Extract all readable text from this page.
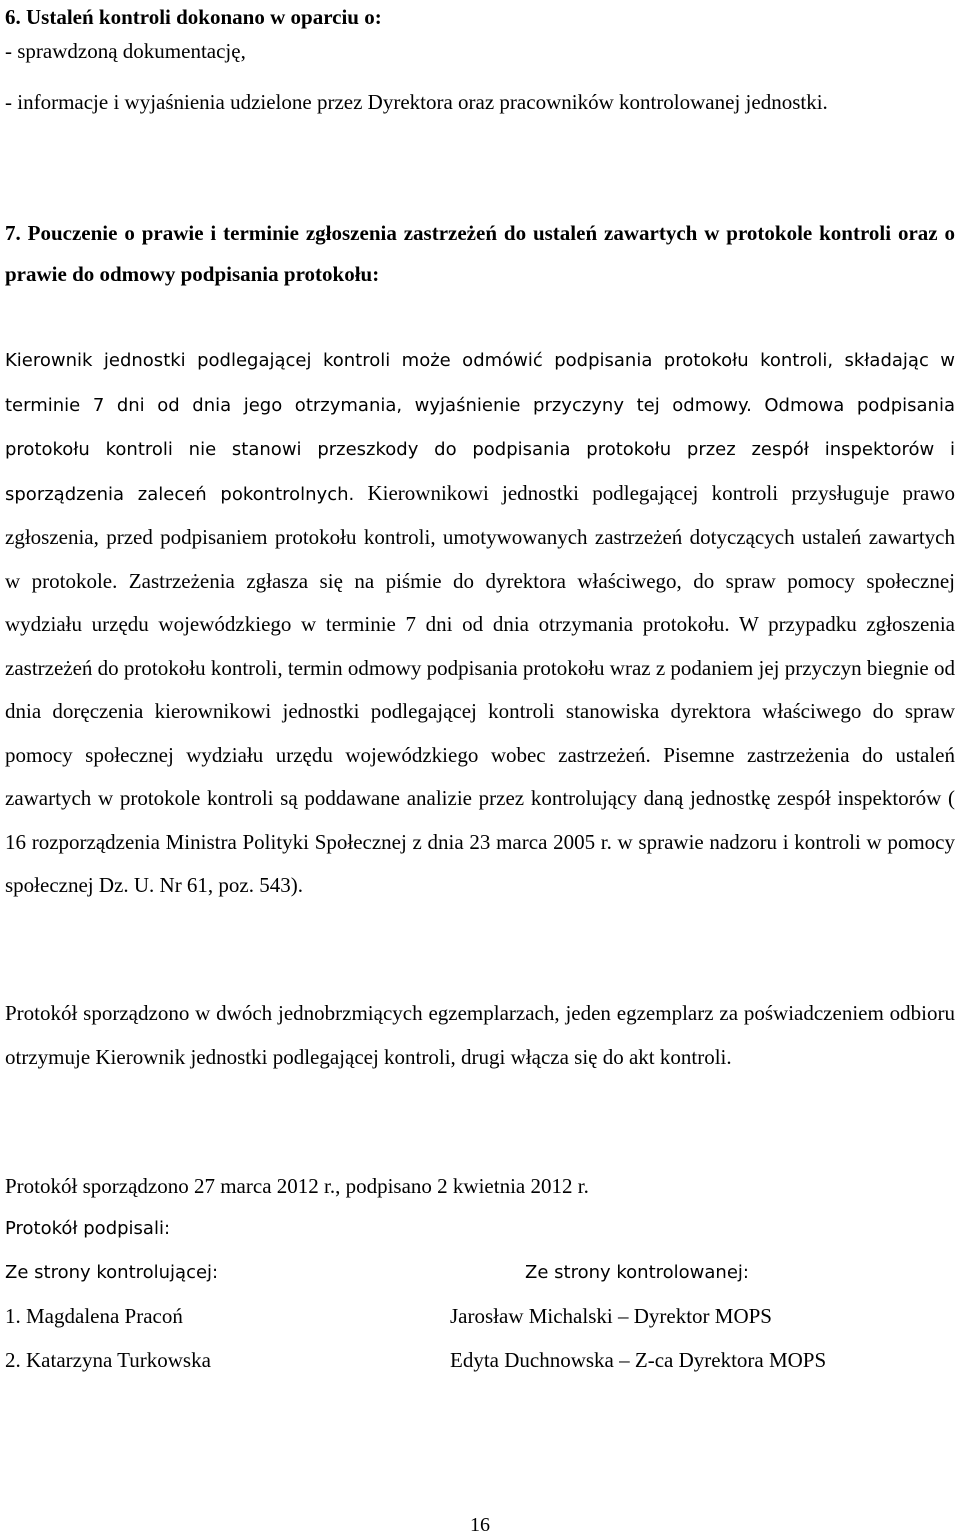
6. Ustaleń kontroli dokonano w oparciu o:

- sprawdzoną dokumentację,

- informacje i wyjaśnienia udzielone przez Dyrektora oraz pracowników kontrolowanej jednostki.

7. Pouczenie o prawie i terminie zgłoszenia zastrzeżeń do ustaleń zawartych w protokole kontroli oraz o prawie do odmowy podpisania protokołu:

Kierownik jednostki podlegającej kontroli może odmówić podpisania protokołu kontroli, składając w terminie 7 dni od dnia jego otrzymania, wyjaśnienie przyczyny tej odmowy. Odmowa podpisania protokołu kontroli nie stanowi przeszkody do podpisania protokołu przez zespół inspektorów i sporządzenia zaleceń pokontrolnych. Kierownikowi jednostki podlegającej kontroli przysługuje prawo zgłoszenia, przed podpisaniem protokołu kontroli, umotywowanych zastrzeżeń dotyczących ustaleń zawartych w protokole. Zastrzeżenia zgłasza się na piśmie do dyrektora właściwego, do spraw pomocy społecznej wydziału urzędu wojewódzkiego w terminie 7 dni od dnia otrzymania protokołu. W przypadku zgłoszenia zastrzeżeń do protokołu kontroli, termin odmowy podpisania protokołu wraz z podaniem jej przyczyn biegnie od dnia doręczenia kierownikowi jednostki podlegającej kontroli stanowiska dyrektora właściwego do spraw pomocy społecznej wydziału urzędu wojewódzkiego wobec zastrzeżeń. Pisemne zastrzeżenia do ustaleń zawartych w protokole kontroli są poddawane analizie przez kontrolujący daną jednostkę zespół inspektorów ( 16 rozporządzenia Ministra Polityki Społecznej z dnia 23 marca 2005 r. w sprawie nadzoru i kontroli w pomocy społecznej Dz. U. Nr 61, poz. 543).

Protokół sporządzono w dwóch jednobrzmiących egzemplarzach, jeden egzemplarz za poświadczeniem odbioru otrzymuje Kierownik jednostki podlegającej kontroli, drugi włącza się do akt kontroli.

Protokół sporządzono 27 marca 2012 r., podpisano 2 kwietnia 2012 r.

Protokół podpisali:

Ze strony kontrolującej:	Ze strony kontrolowanej:

1. Magdalena Pracoń	Jarosław Michalski – Dyrektor MOPS

2. Katarzyna Turkowska	Edyta Duchnowska – Z-ca Dyrektora MOPS

16
